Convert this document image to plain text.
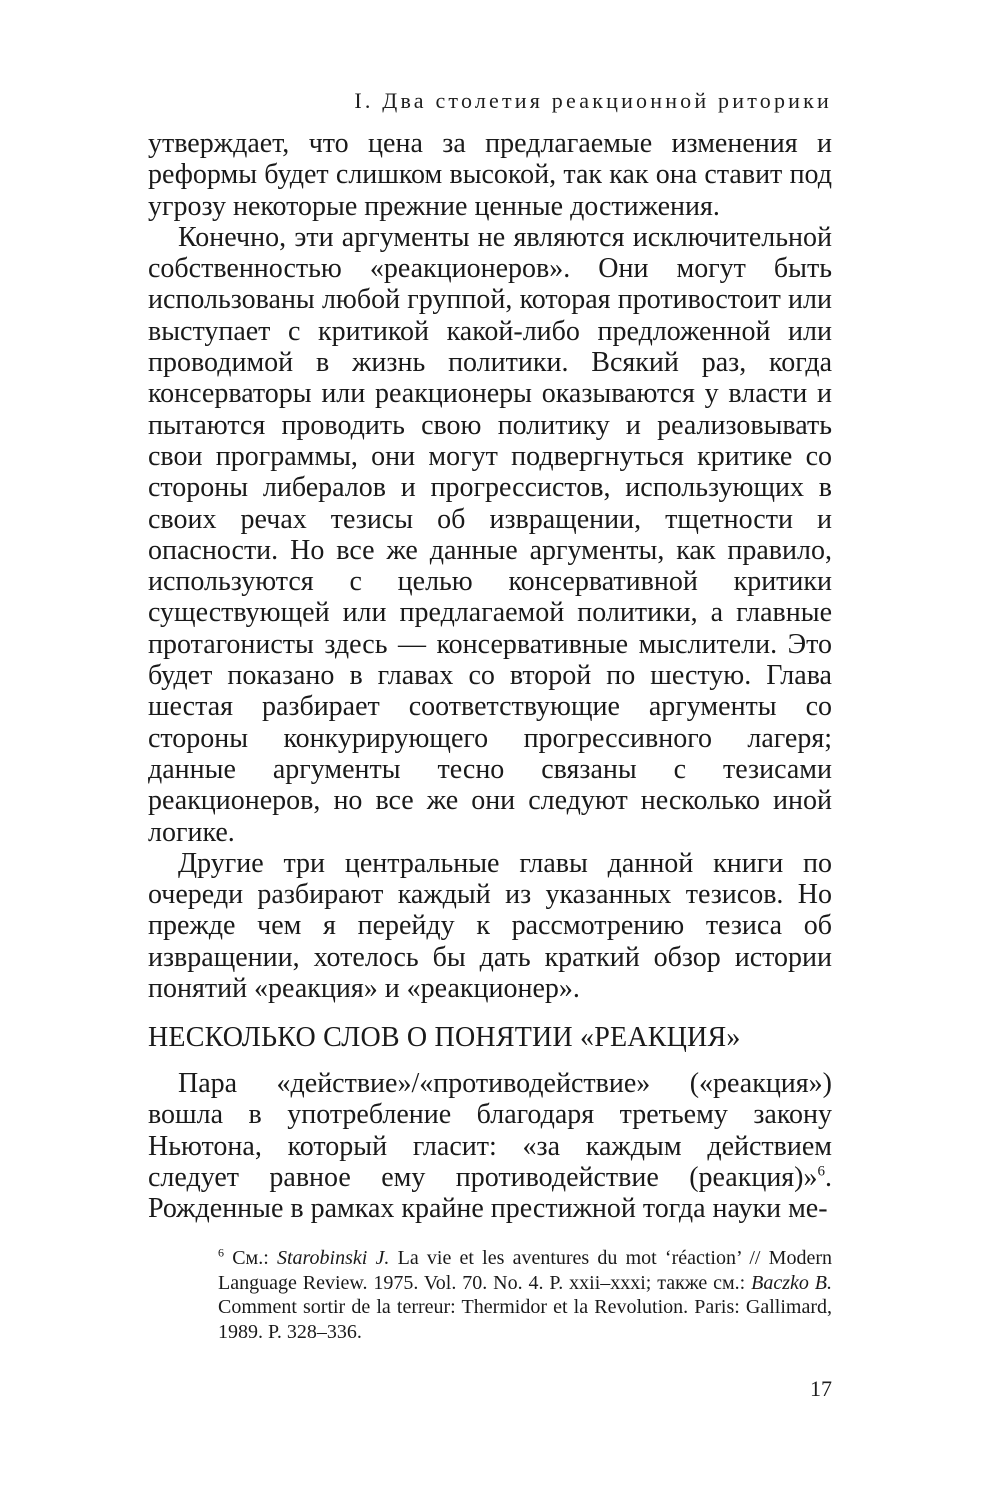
I. Два столетия реакционной риторики

утверждает, что цена за предлагаемые изменения и реформы будет слишком высокой, так как она ставит под угрозу некоторые прежние ценные достижения.

Конечно, эти аргументы не являются исключительной собственностью «реакционеров». Они могут быть использованы любой группой, которая противостоит или выступает с критикой какой-либо предложенной или проводимой в жизнь политики. Всякий раз, когда консерваторы или реакционеры оказываются у власти и пытаются проводить свою политику и реализовывать свои программы, они могут подвергнуться критике со стороны либералов и прогрессистов, использующих в своих речах тезисы об извращении, тщетности и опасности. Но все же данные аргументы, как правило, используются с целью консервативной критики существующей или предлагаемой политики, а главные протагонисты здесь — консервативные мыслители. Это будет показано в главах со второй по шестую. Глава шестая разбирает соответствующие аргументы со стороны конкурирующего прогрессивного лагеря; данные аргументы тесно связаны с тезисами реакционеров, но все же они следуют несколько иной логике.

Другие три центральные главы данной книги по очереди разбирают каждый из указанных тезисов. Но прежде чем я перейду к рассмотрению тезиса об извращении, хотелось бы дать краткий обзор истории понятий «реакция» и «реакционер».

НЕСКОЛЬКО СЛОВ О ПОНЯТИИ «РЕАКЦИЯ»

Пара «действие»/«противодействие» («реакция») вошла в употребление благодаря третьему закону Ньютона, который гласит: «за каждым действием следует равное ему противодействие (реакция)»$^6$. Рожденные в рамках крайне престижной тогда науки ме-

$^6$ См.: Starobinski J. La vie et les aventures du mot ‘réaction’ // Modern Language Review. 1975. Vol. 70. No. 4. P. xxii–xxxi; также см.: Baczko B. Comment sortir de la terreur: Thermidor et la Revolution. Paris: Gallimard, 1989. P. 328–336.
17
